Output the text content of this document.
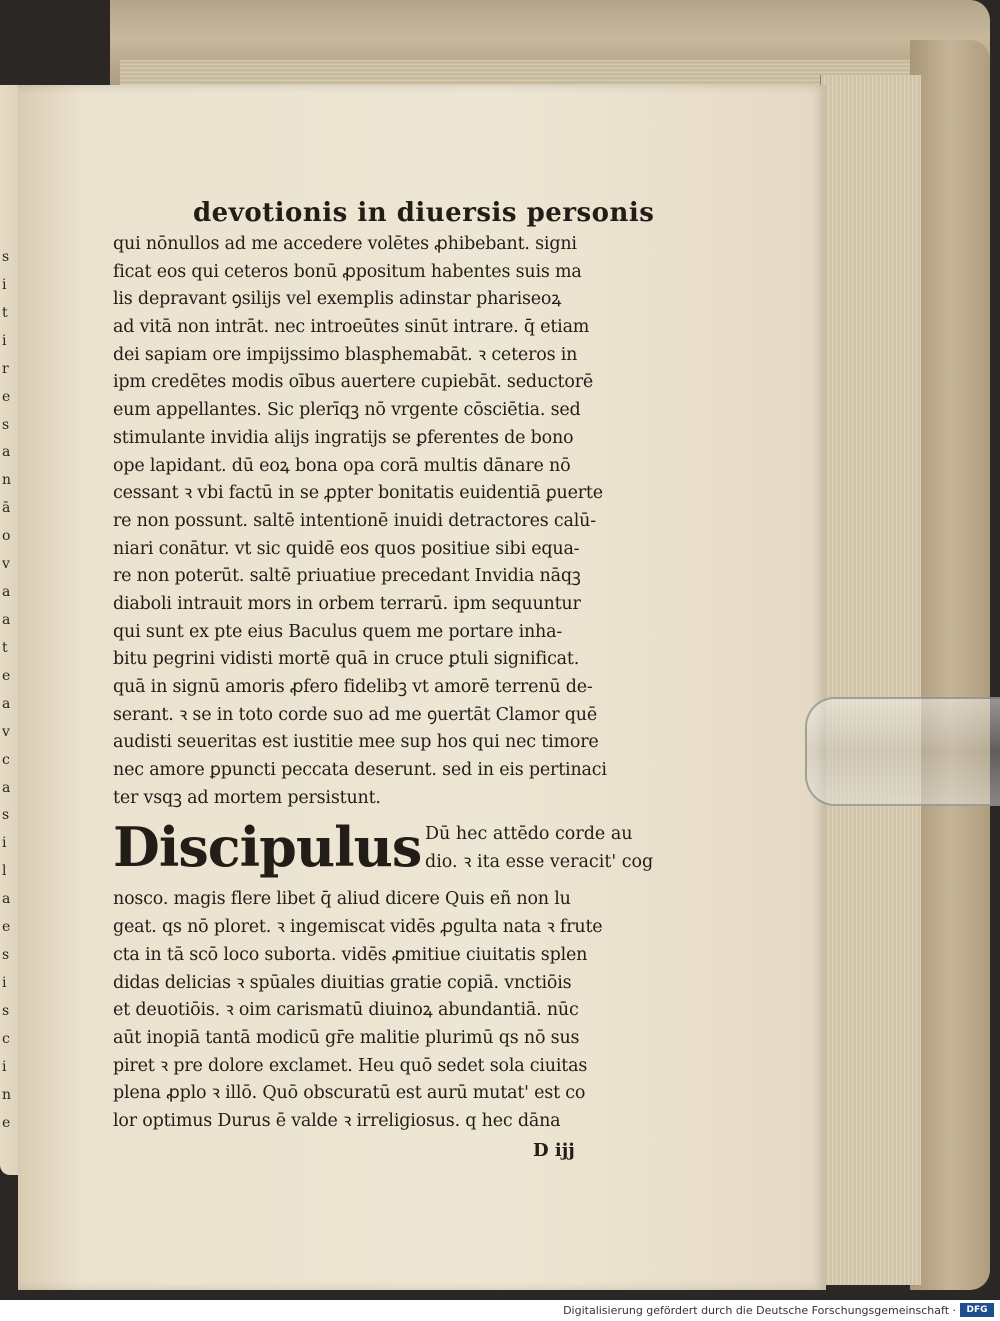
s
i
t
i
r
e
s
a
n
ā
o
v
a
a
t
e
a
v
c
a
s
i
l
a
e
s
i
s
c
i
n
e
devotionis in diuersis personis
qui nōnullos ad me accedere volētes ꝓhibebant. signi
ficat eos qui ceteros bonū ꝓpositum habentes suis ma
lis depravant ꝯsilijs vel exemplis adinstar phariseoꝝ
ad vitā non intrāt. nec introeūtes sinūt intrare. q̄ etiam
dei sapiam ore impijssimo blasphemabāt. ꝛ ceteros in
ipm credētes modis oībus auertere cupiebāt. seductorē
eum appellantes. Sic plerīqꝫ nō vrgente cōsciētia. sed
stimulante invidia alijs ingratijs se ꝑferentes de bono
ope lapidant. dū eoꝝ bona opa corā multis dānare nō
cessant ꝛ vbi factū in se ꝓpter bonitatis euidentiā ꝑuerte
re non possunt. saltē intentionē inuidi detractores calū-
niari conātur. vt sic quidē eos quos positiue sibi equa-
re non poterūt. saltē priuatiue precedant Invidia nāqꝫ
diaboli intrauit mors in orbem terrarū. ipm sequuntur
qui sunt ex pte eius Baculus quem me portare inha-
bitu pegrini vidisti mortē quā in cruce ꝑtuli significat.
quā in signū amoris ꝓfero fidelibꝫ vt amorē terrenū de-
serant. ꝛ se in toto corde suo ad me ꝯuertāt Clamor quē
audisti seueritas est iustitie mee sup hos qui nec timore
nec amore ꝑpuncti peccata deserunt. sed in eis pertinaci
ter vsqꝫ ad mortem persistunt.
Discipulus Dū hec attēdo corde au
dio. ꝛ ita esse veracit' cog
nosco. magis flere libet q̄ aliud dicere Quis eñ non lu
geat. qs nō ploret. ꝛ ingemiscat vidēs ꝓgulta nata ꝛ frute
cta in tā scō loco suborta. vidēs ꝓmitiue ciuitatis splen
didas delicias ꝛ spūales diuitias gratie copiā. vnctiōis
et deuotiōis. ꝛ oim carismatū diuinoꝝ abundantiā. nūc
aūt inopiā tantā modicū gr̄e malitie plurimū qs nō sus
piret ꝛ pre dolore exclamet. Heu quō sedet sola ciuitas
plena ꝓplo ꝛ illō. Quō obscuratū est aurū mutat' est co
lor optimus Durus ē valde ꝛ irreligiosus. q hec dāna
D ijj
Digitalisierung gefördert durch die Deutsche Forschungsgemeinschaft ·	DFG
